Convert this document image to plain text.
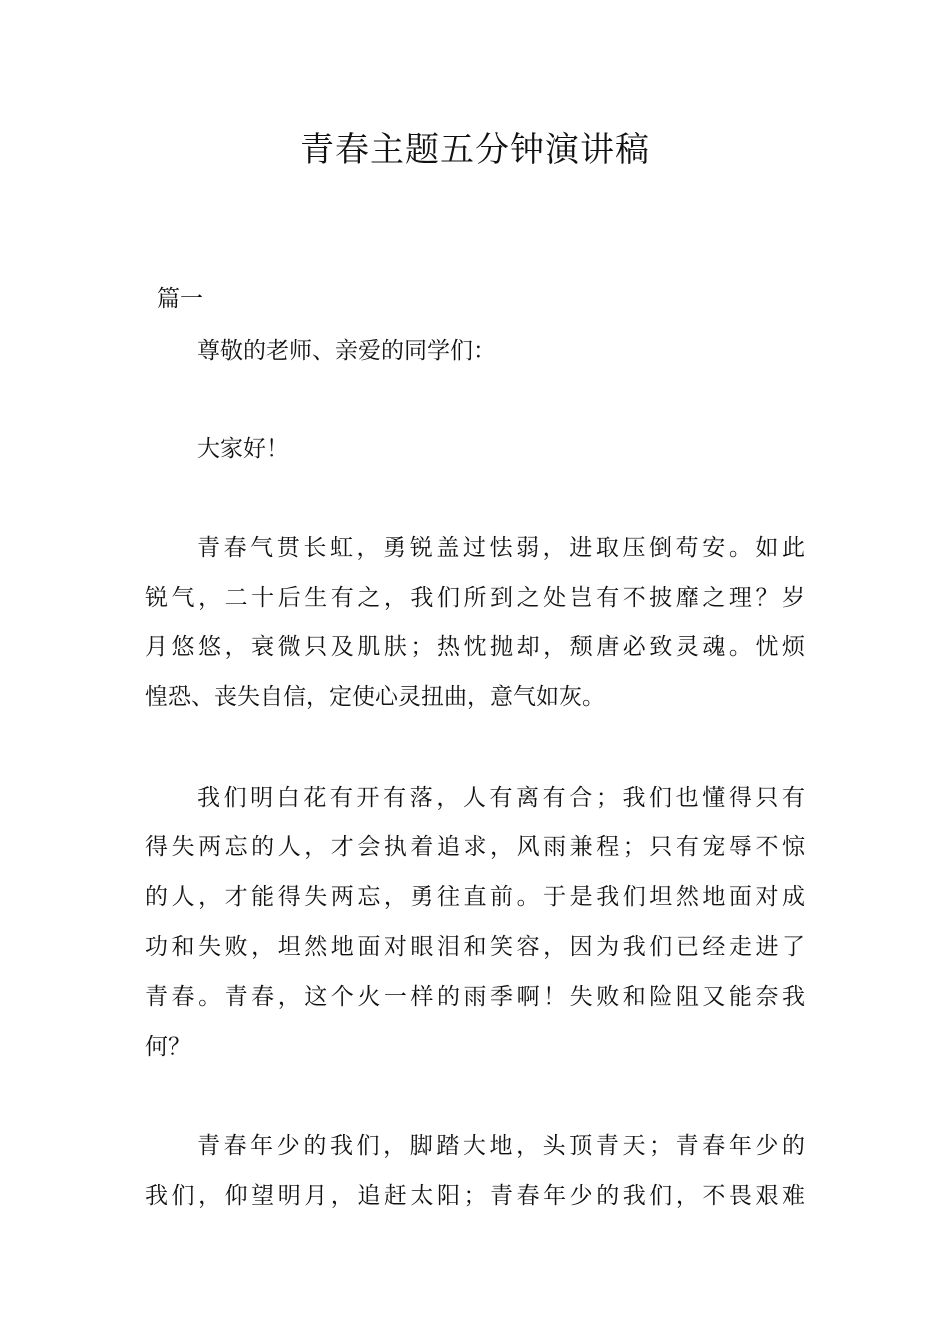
青春主题五分钟演讲稿
篇一
尊敬的老师、亲爱的同学们：
大家好！
青春气贯长虹，勇锐盖过怯弱，进取压倒苟安。如此
锐气，二十后生有之，我们所到之处岂有不披靡之理？岁
月悠悠，衰微只及肌肤；热忱抛却，颓唐必致灵魂。忧烦
惶恐、丧失自信，定使心灵扭曲，意气如灰。
我们明白花有开有落，人有离有合；我们也懂得只有
得失两忘的人，才会执着追求，风雨兼程；只有宠辱不惊
的人，才能得失两忘，勇往直前。于是我们坦然地面对成
功和失败，坦然地面对眼泪和笑容，因为我们已经走进了
青春。青春，这个火一样的雨季啊！失败和险阻又能奈我
何？
青春年少的我们，脚踏大地，头顶青天；青春年少的
我们，仰望明月，追赶太阳；青春年少的我们，不畏艰难
